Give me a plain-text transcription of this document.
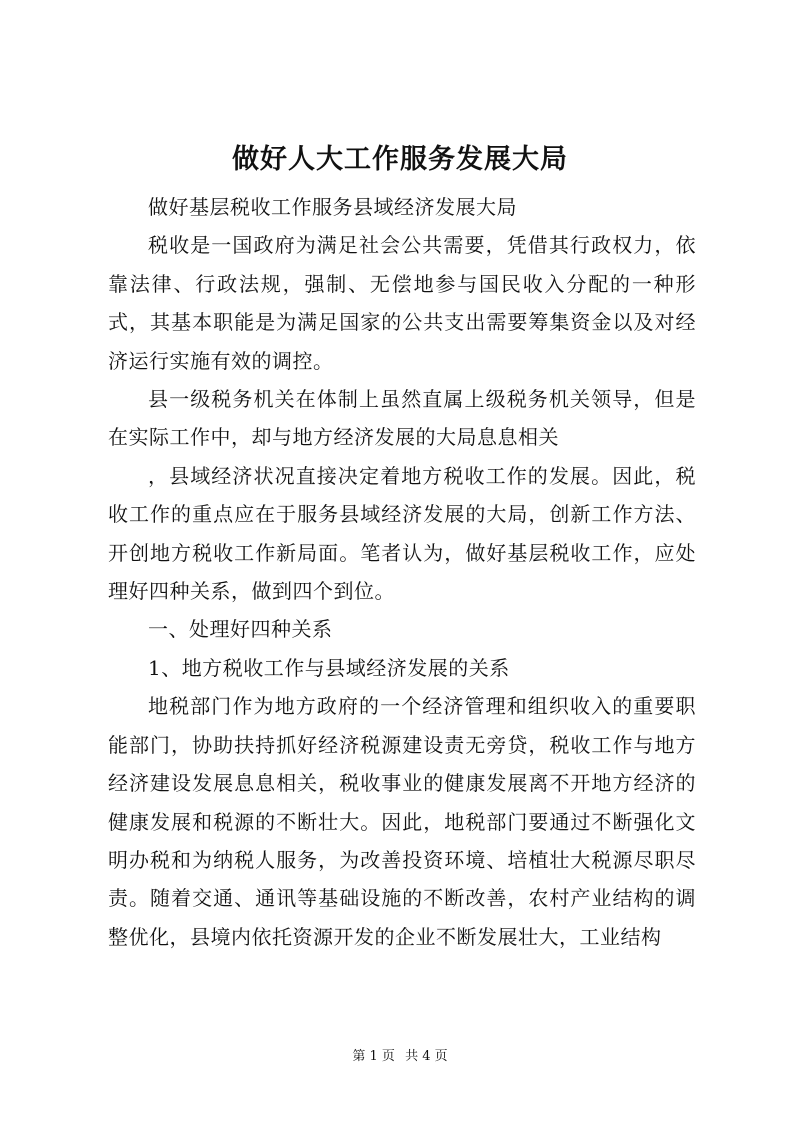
做好人大工作服务发展大局

做好基层税收工作服务县域经济发展大局

税收是一国政府为满足社会公共需要，凭借其行政权力，依靠法律、行政法规，强制、无偿地参与国民收入分配的一种形式，其基本职能是为满足国家的公共支出需要筹集资金以及对经济运行实施有效的调控。

县一级税务机关在体制上虽然直属上级税务机关领导，但是在实际工作中，却与地方经济发展的大局息息相关

，县域经济状况直接决定着地方税收工作的发展。因此，税收工作的重点应在于服务县域经济发展的大局，创新工作方法、开创地方税收工作新局面。笔者认为，做好基层税收工作，应处理好四种关系，做到四个到位。

一、处理好四种关系

1、地方税收工作与县域经济发展的关系

地税部门作为地方政府的一个经济管理和组织收入的重要职能部门，协助扶持抓好经济税源建设责无旁贷，税收工作与地方经济建设发展息息相关，税收事业的健康发展离不开地方经济的健康发展和税源的不断壮大。因此，地税部门要通过不断强化文明办税和为纳税人服务，为改善投资环境、培植壮大税源尽职尽责。随着交通、通讯等基础设施的不断改善，农村产业结构的调整优化，县境内依托资源开发的企业不断发展壮大，工业结构

第 1 页 共 4 页
